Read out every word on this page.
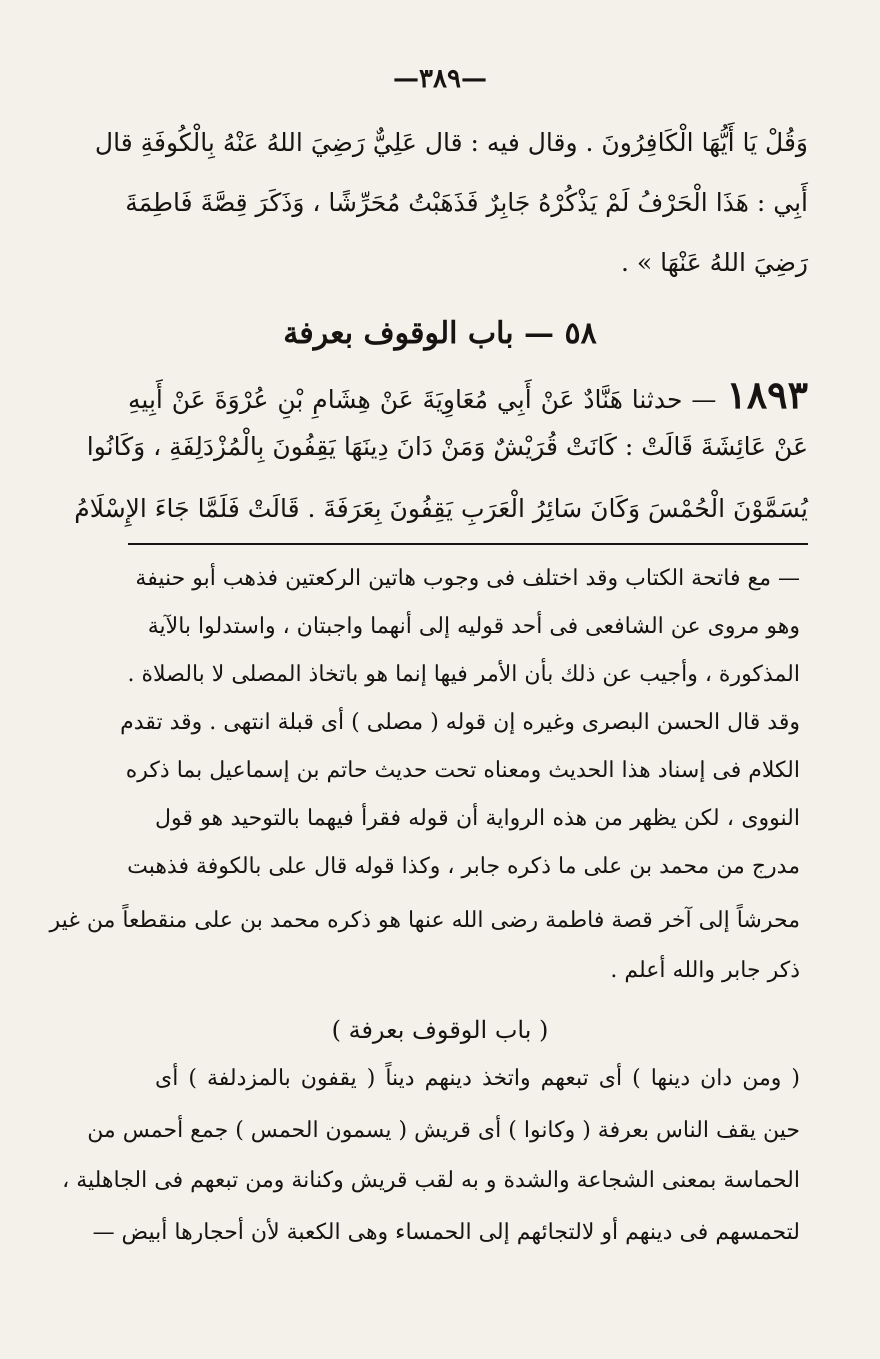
—٣٨٩—
وَقُلْ يَا أَيُّهَا الْكَافِرُونَ . وقال فيه : قال عَلِيٌّ رَضِيَ اللهُ عَنْهُ بِالْكُوفَةِ قال
أَبِي : هَذَا الْحَرْفُ لَمْ يَذْكُرْهُ جَابِرٌ فَذَهَبْتُ مُحَرِّشًا ، وَذَكَرَ قِصَّةَ فَاطِمَةَ
رَضِيَ اللهُ عَنْهَا » .
٥٨ — باب الوقوف بعرفة
١٨٩٣
— حدثنا هَنَّادٌ عَنْ أَبِي مُعَاوِيَةَ عَنْ هِشَامِ بْنِ عُرْوَةَ عَنْ أَبِيهِ
عَنْ عَائِشَةَ قَالَتْ : كَانَتْ قُرَيْشٌ وَمَنْ دَانَ دِينَهَا يَقِفُونَ بِالْمُزْدَلِفَةِ ، وَكَانُوا
يُسَمَّوْنَ الْحُمْسَ وَكَانَ سَائِرُ الْعَرَبِ يَقِفُونَ بِعَرَفَةَ . قَالَتْ فَلَمَّا جَاءَ الإِسْلَامُ
— مع فاتحة الكتاب وقد اختلف فى وجوب هاتين الركعتين فذهب أبو حنيفة
وهو مروى عن الشافعى فى أحد قوليه إلى أنهما واجبتان ، واستدلوا بالآية
المذكورة ، وأجيب عن ذلك بأن الأمر فيها إنما هو باتخاذ المصلى لا بالصلاة .
وقد قال الحسن البصرى وغيره إن قوله ( مصلى ) أى قبلة انتهى . وقد تقدم
الكلام فى إسناد هذا الحديث ومعناه تحت حديث حاتم بن إسماعيل بما ذكره
النووى ، لكن يظهر من هذه الرواية أن قوله فقرأ فيهما بالتوحيد هو قول
مدرج من محمد بن على ما ذكره جابر ، وكذا قوله قال على بالكوفة فذهبت
محرشاً إلى آخر قصة فاطمة رضى الله عنها هو ذكره محمد بن على منقطعاً من غير
ذكر جابر والله أعلم .
( باب الوقوف بعرفة )
( ومن دان دينها ) أى تبعهم واتخذ دينهم ديناً ( يقفون بالمزدلفة ) أى
حين يقف الناس بعرفة ( وكانوا ) أى قريش ( يسمون الحمس ) جمع أحمس من
الحماسة بمعنى الشجاعة والشدة و به لقب قريش وكنانة ومن تبعهم فى الجاهلية ،
لتحمسهم فى دينهم أو لالتجائهم إلى الحمساء وهى الكعبة لأن أحجارها أبيض —
